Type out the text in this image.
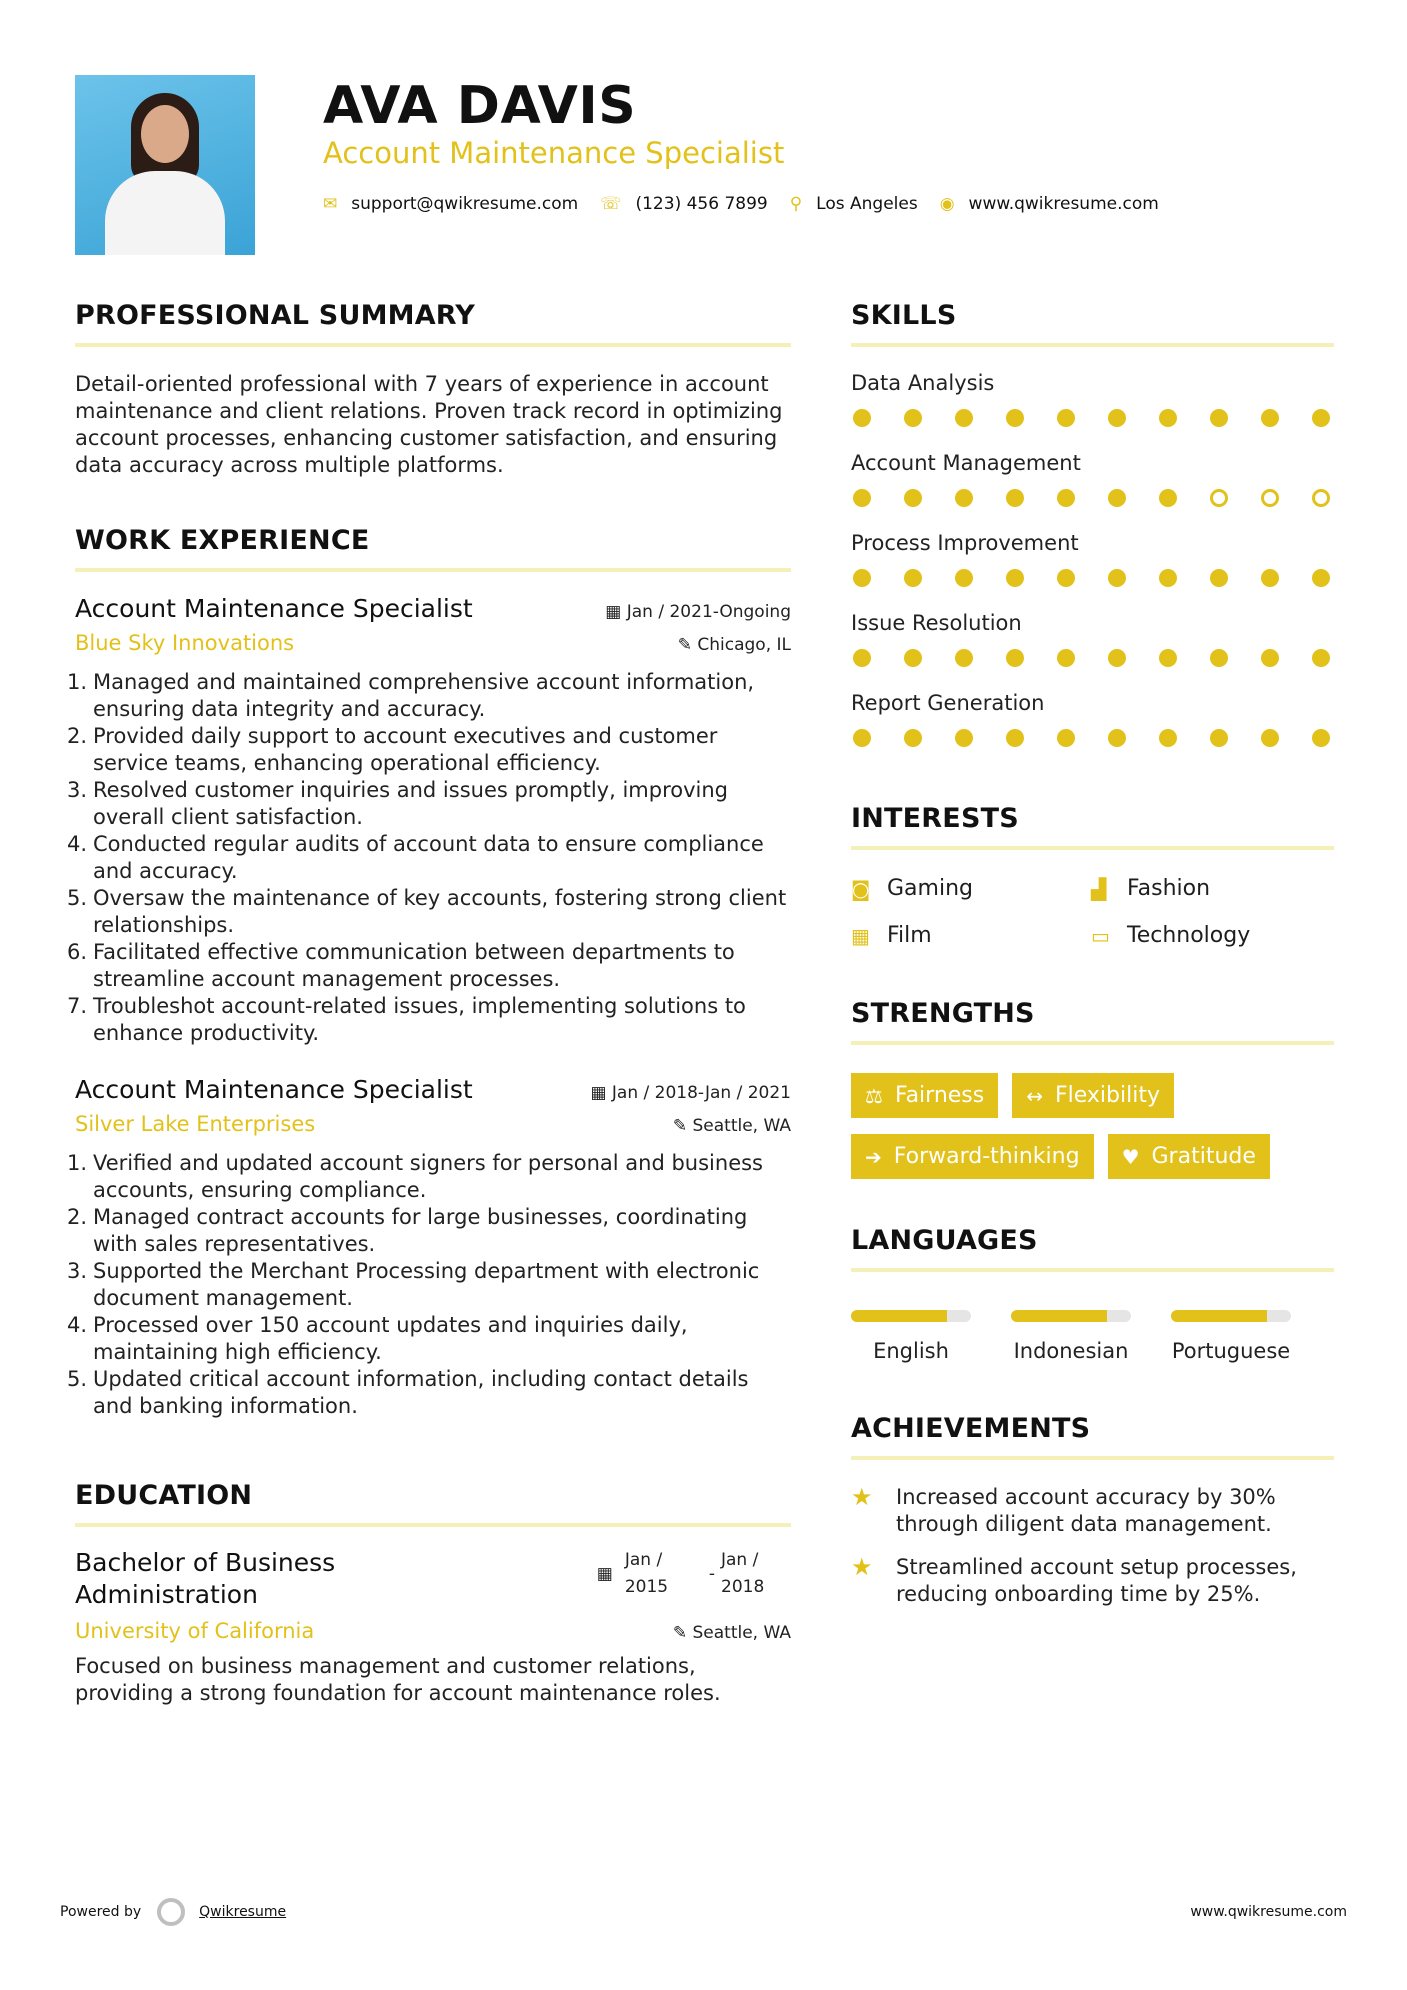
AVA DAVIS
Account Maintenance Specialist
✉ support@qwikresume.com ☏ (123) 456 7899 ⚲ Los Angeles ◉ www.qwikresume.com
PROFESSIONAL SUMMARY

Detail-oriented professional with 7 years of experience in account maintenance and client relations. Proven track record in optimizing account processes, enhancing customer satisfaction, and ensuring data accuracy across multiple platforms.

WORK EXPERIENCE
Account Maintenance Specialist	▦ Jan / 2021-Ongoing
Blue Sky Innovations	✎ Chicago, IL
Managed and maintained comprehensive account information, ensuring data integrity and accuracy.
Provided daily support to account executives and customer service teams, enhancing operational efficiency.
Resolved customer inquiries and issues promptly, improving overall client satisfaction.
Conducted regular audits of account data to ensure compliance and accuracy.
Oversaw the maintenance of key accounts, fostering strong client relationships.
Facilitated effective communication between departments to streamline account management processes.
Troubleshot account-related issues, implementing solutions to enhance productivity.
Account Maintenance Specialist	▦ Jan / 2018-Jan / 2021
Silver Lake Enterprises	✎ Seattle, WA
Verified and updated account signers for personal and business accounts, ensuring compliance.
Managed contract accounts for large businesses, coordinating with sales representatives.
Supported the Merchant Processing department with electronic document management.
Processed over 150 account updates and inquiries daily, maintaining high efficiency.
Updated critical account information, including contact details and banking information.
EDUCATION
Bachelor of Business Administration
▦
Jan /
2015
-
Jan /
2018
University of California	✎ Seattle, WA

Focused on business management and customer relations, providing a strong foundation for account maintenance roles.

SKILLS
Data Analysis
Account Management
Process Improvement
Issue Resolution
Report Generation
INTERESTS
◙ Gaming	▟ Fashion
▦ Film	▭ Technology
STRENGTHS
⚖ Fairness ↔ Flexibility
➔ Forward-thinking ♥ Gratitude
LANGUAGES
English	Indonesian Portuguese
ACHIEVEMENTS
★	Increased account accuracy by 30% through diligent data management.
★	Streamlined account setup processes, reducing onboarding time by 25%.
Powered by	Qwikresume	www.qwikresume.com
